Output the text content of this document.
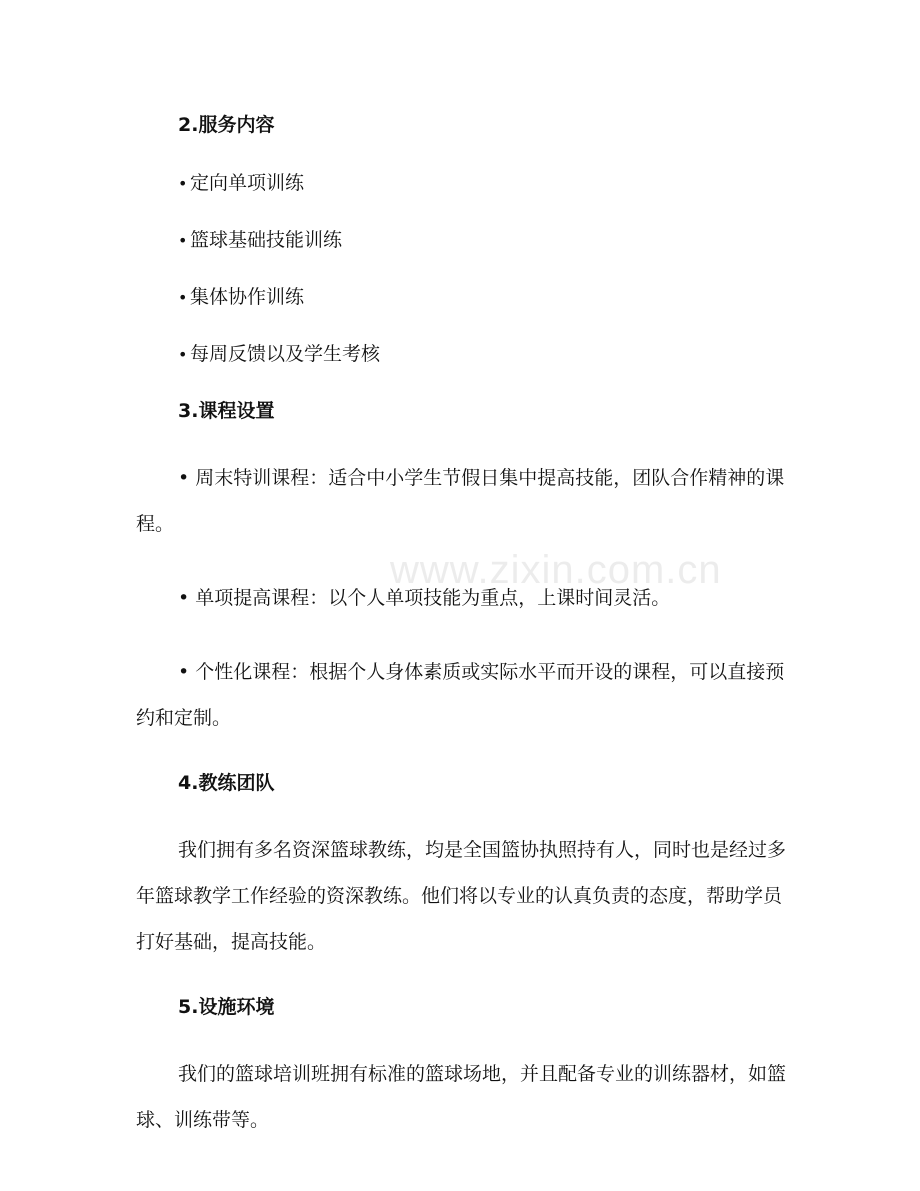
2.服务内容
• 定向单项训练
• 篮球基础技能训练
• 集体协作训练
• 每周反馈以及学生考核
3.课程设置

• 周末特训课程：适合中小学生节假日集中提高技能，团队合作精神的课程。

• 单项提高课程：以个人单项技能为重点，上课时间灵活。

• 个性化课程：根据个人身体素质或实际水平而开设的课程，可以直接预约和定制。

4.教练团队

我们拥有多名资深篮球教练，均是全国篮协执照持有人，同时也是经过多年篮球教学工作经验的资深教练。他们将以专业的认真负责的态度，帮助学员打好基础，提高技能。

5.设施环境

我们的篮球培训班拥有标准的篮球场地，并且配备专业的训练器材，如篮球、训练带等。

www.zixin.com.cn
